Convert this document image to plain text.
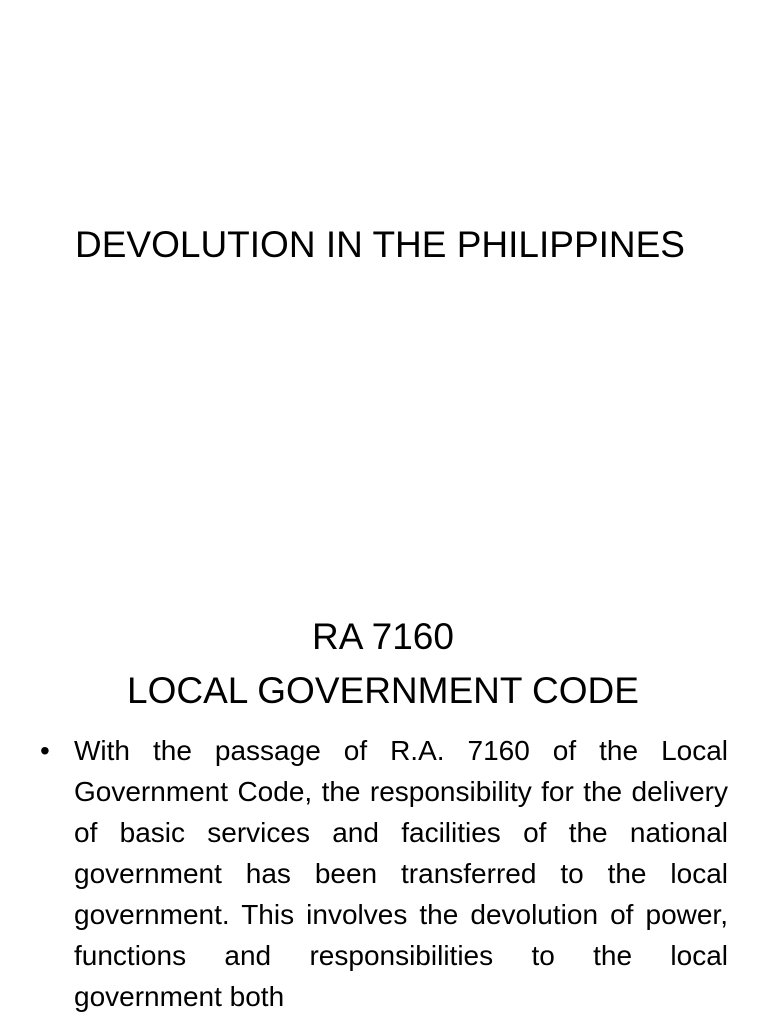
DEVOLUTION IN THE PHILIPPINES
RA 7160
LOCAL GOVERNMENT CODE
• With the passage of R.A. 7160 of the Local Government Code, the responsibility for the delivery of basic services and facilities of the national government has been transferred to the local government. This involves the devolution of power, functions and responsibilities to the local government both
